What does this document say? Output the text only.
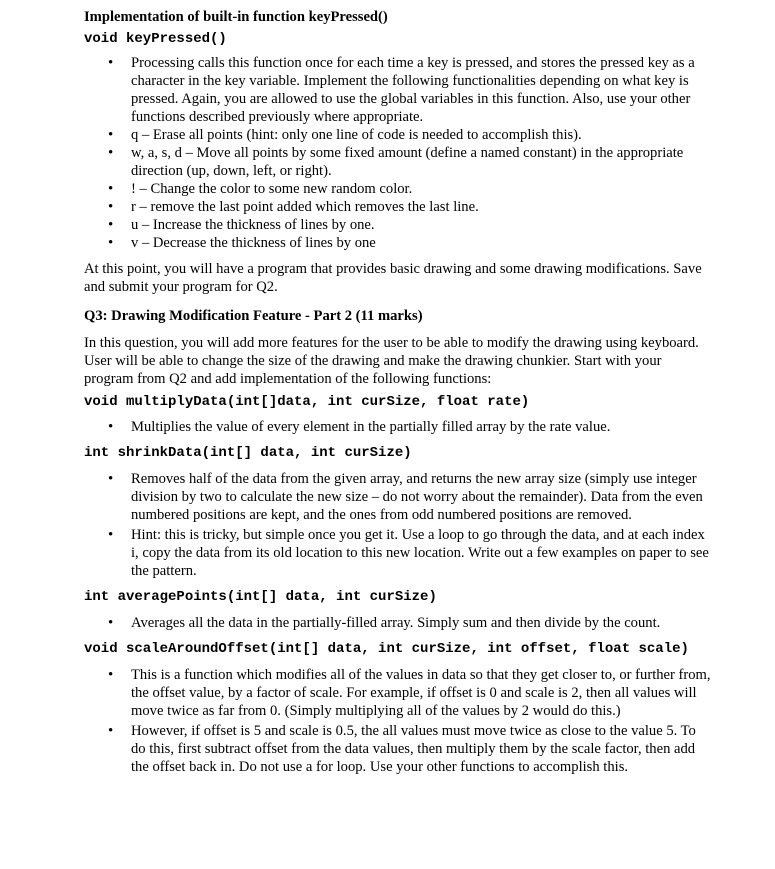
Implementation of built-in function keyPressed()

void keyPressed()

• Processing calls this function once for each time a key is pressed, and stores the pressed key as a character in the key variable. Implement the following functionalities depending on what key is pressed. Again, you are allowed to use the global variables in this function. Also, use your other functions described previously where appropriate.
• q – Erase all points (hint: only one line of code is needed to accomplish this).
• w, a, s, d – Move all points by some fixed amount (define a named constant) in the appropriate direction (up, down, left, or right).
• ! – Change the color to some new random color.
• r – remove the last point added which removes the last line.
• u – Increase the thickness of lines by one.
• v – Decrease the thickness of lines by one

At this point, you will have a program that provides basic drawing and some drawing modifications. Save and submit your program for Q2.

Q3: Drawing Modification Feature - Part 2 (11 marks)

In this question, you will add more features for the user to be able to modify the drawing using keyboard. User will be able to change the size of the drawing and make the drawing chunkier. Start with your program from Q2 and add implementation of the following functions:

void multiplyData(int[]data, int curSize, float rate)

• Multiplies the value of every element in the partially filled array by the rate value.

int shrinkData(int[] data, int curSize)

• Removes half of the data from the given array, and returns the new array size (simply use integer division by two to calculate the new size – do not worry about the remainder). Data from the even numbered positions are kept, and the ones from odd numbered positions are removed.
• Hint: this is tricky, but simple once you get it. Use a loop to go through the data, and at each index i, copy the data from its old location to this new location. Write out a few examples on paper to see the pattern.

int averagePoints(int[] data, int curSize)

• Averages all the data in the partially-filled array. Simply sum and then divide by the count.

void scaleAroundOffset(int[] data, int curSize, int offset, float scale)

• This is a function which modifies all of the values in data so that they get closer to, or further from, the offset value, by a factor of scale. For example, if offset is 0 and scale is 2, then all values will move twice as far from 0. (Simply multiplying all of the values by 2 would do this.)
• However, if offset is 5 and scale is 0.5, the all values must move twice as close to the value 5. To do this, first subtract offset from the data values, then multiply them by the scale factor, then add the offset back in. Do not use a for loop. Use your other functions to accomplish this.
